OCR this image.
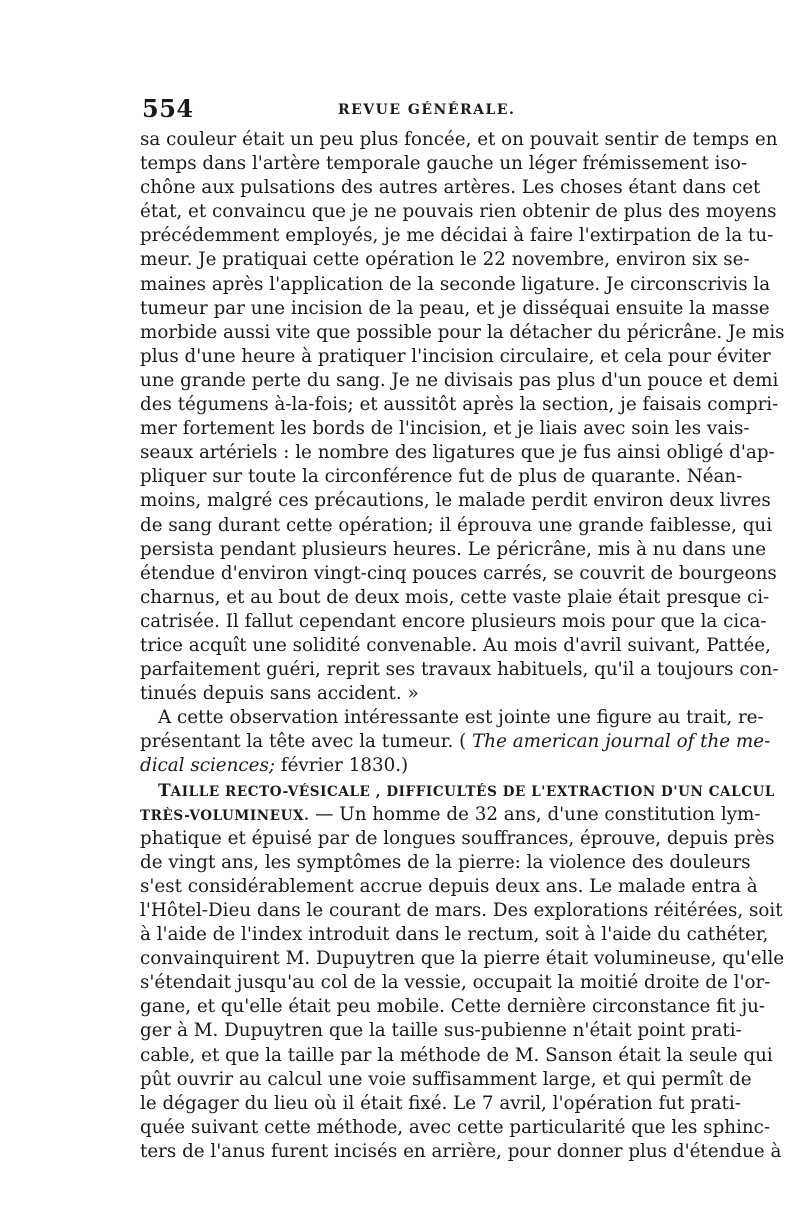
554	REVUE GÉNÉRALE.
sa couleur était un peu plus foncée, et on pouvait sentir de temps en
temps dans l'artère temporale gauche un léger frémissement iso-
chône aux pulsations des autres artères. Les choses étant dans cet
état, et convaincu que je ne pouvais rien obtenir de plus des moyens
précédemment employés, je me décidai à faire l'extirpation de la tu-
meur. Je pratiquai cette opération le 22 novembre, environ six se-
maines après l'application de la seconde ligature. Je circonscrivis la
tumeur par une incision de la peau, et je disséquai ensuite la masse
morbide aussi vite que possible pour la détacher du péricrâne. Je mis
plus d'une heure à pratiquer l'incision circulaire, et cela pour éviter
une grande perte du sang. Je ne divisais pas plus d'un pouce et demi
des tégumens à-la-fois; et aussitôt après la section, je faisais compri-
mer fortement les bords de l'incision, et je liais avec soin les vais-
seaux artériels : le nombre des ligatures que je fus ainsi obligé d'ap-
pliquer sur toute la circonférence fut de plus de quarante. Néan-
moins, malgré ces précautions, le malade perdit environ deux livres
de sang durant cette opération; il éprouva une grande faiblesse, qui
persista pendant plusieurs heures. Le péricrâne, mis à nu dans une
étendue d'environ vingt-cinq pouces carrés, se couvrit de bourgeons
charnus, et au bout de deux mois, cette vaste plaie était presque ci-
catrisée. Il fallut cependant encore plusieurs mois pour que la cica-
trice acquît une solidité convenable. Au mois d'avril suivant, Pattée,
parfaitement guéri, reprit ses travaux habituels, qu'il a toujours con-
tinués depuis sans accident. »
A cette observation intéressante est jointe une figure au trait, re-
présentant la tête avec la tumeur. ( The american journal of the me-
dical sciences; février 1830.)
TAILLE RECTO-VÉSICALE , DIFFICULTÉS DE L'EXTRACTION D'UN CALCUL
TRÈS-VOLUMINEUX. — Un homme de 32 ans, d'une constitution lym-
phatique et épuisé par de longues souffrances, éprouve, depuis près
de vingt ans, les symptômes de la pierre: la violence des douleurs
s'est considérablement accrue depuis deux ans. Le malade entra à
l'Hôtel-Dieu dans le courant de mars. Des explorations réitérées, soit
à l'aide de l'index introduit dans le rectum, soit à l'aide du cathéter,
convainquirent M. Dupuytren que la pierre était volumineuse, qu'elle
s'étendait jusqu'au col de la vessie, occupait la moitié droite de l'or-
gane, et qu'elle était peu mobile. Cette dernière circonstance fit ju-
ger à M. Dupuytren que la taille sus-pubienne n'était point prati-
cable, et que la taille par la méthode de M. Sanson était la seule qui
pût ouvrir au calcul une voie suffisamment large, et qui permît de
le dégager du lieu où il était fixé. Le 7 avril, l'opération fut prati-
quée suivant cette méthode, avec cette particularité que les sphinc-
ters de l'anus furent incisés en arrière, pour donner plus d'étendue à
